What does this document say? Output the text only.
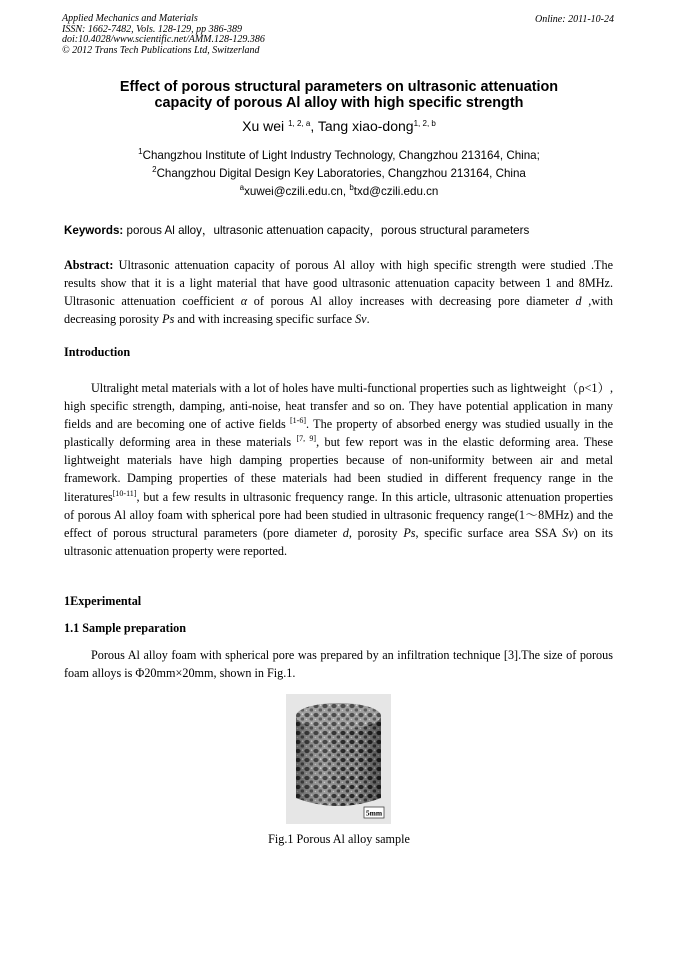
Applied Mechanics and Materials
ISSN: 1662-7482, Vols. 128-129, pp 386-389
doi:10.4028/www.scientific.net/AMM.128-129.386
© 2012 Trans Tech Publications Ltd, Switzerland
Online: 2011-10-24
Effect of porous structural parameters on ultrasonic attenuation
capacity of porous Al alloy with high specific strength
Xu wei $^{1, 2, a}$, Tang xiao-dong$^{1, 2, b}$
$^1$Changzhou Institute of Light Industry Technology, Changzhou 213164, China;
$^2$Changzhou Digital Design Key Laboratories, Changzhou 213164, China
$^a$xuwei@czili.edu.cn, $^b$txd@czili.edu.cn
Keywords: porous Al alloy，ultrasonic attenuation capacity，porous structural parameters
Abstract: Ultrasonic attenuation capacity of porous Al alloy with high specific strength were studied .The results show that it is a light material that have good ultrasonic attenuation capacity between 1 and 8MHz. Ultrasonic attenuation coefficient α of porous Al alloy increases with decreasing pore diameter d ,with decreasing porosity Ps and with increasing specific surface Sv.
Introduction
Ultralight metal materials with a lot of holes have multi-functional properties such as lightweight（ρ<1）, high specific strength, damping, anti-noise, heat transfer and so on. They have potential application in many fields and are becoming one of active fields [1-6]. The property of absorbed energy was studied usually in the plastically deforming area in these materials [7, 9], but few report was in the elastic deforming area. These lightweight materials have high damping properties because of non-uniformity between air and metal framework. Damping properties of these materials had been studied in different frequency range in the literatures[10-11], but a few results in ultrasonic frequency range. In this article, ultrasonic attenuation properties of porous Al alloy foam with spherical pore had been studied in ultrasonic frequency range(1～8MHz) and the effect of porous structural parameters (pore diameter d, porosity Ps, specific surface area SSA Sv) on its ultrasonic attenuation property were reported.
1Experimental
1.1 Sample preparation
Porous Al alloy foam with spherical pore was prepared by an infiltration technique [3].The size of porous foam alloys is Φ20mm×20mm, shown in Fig.1.
5mm
Fig.1 Porous Al alloy sample
